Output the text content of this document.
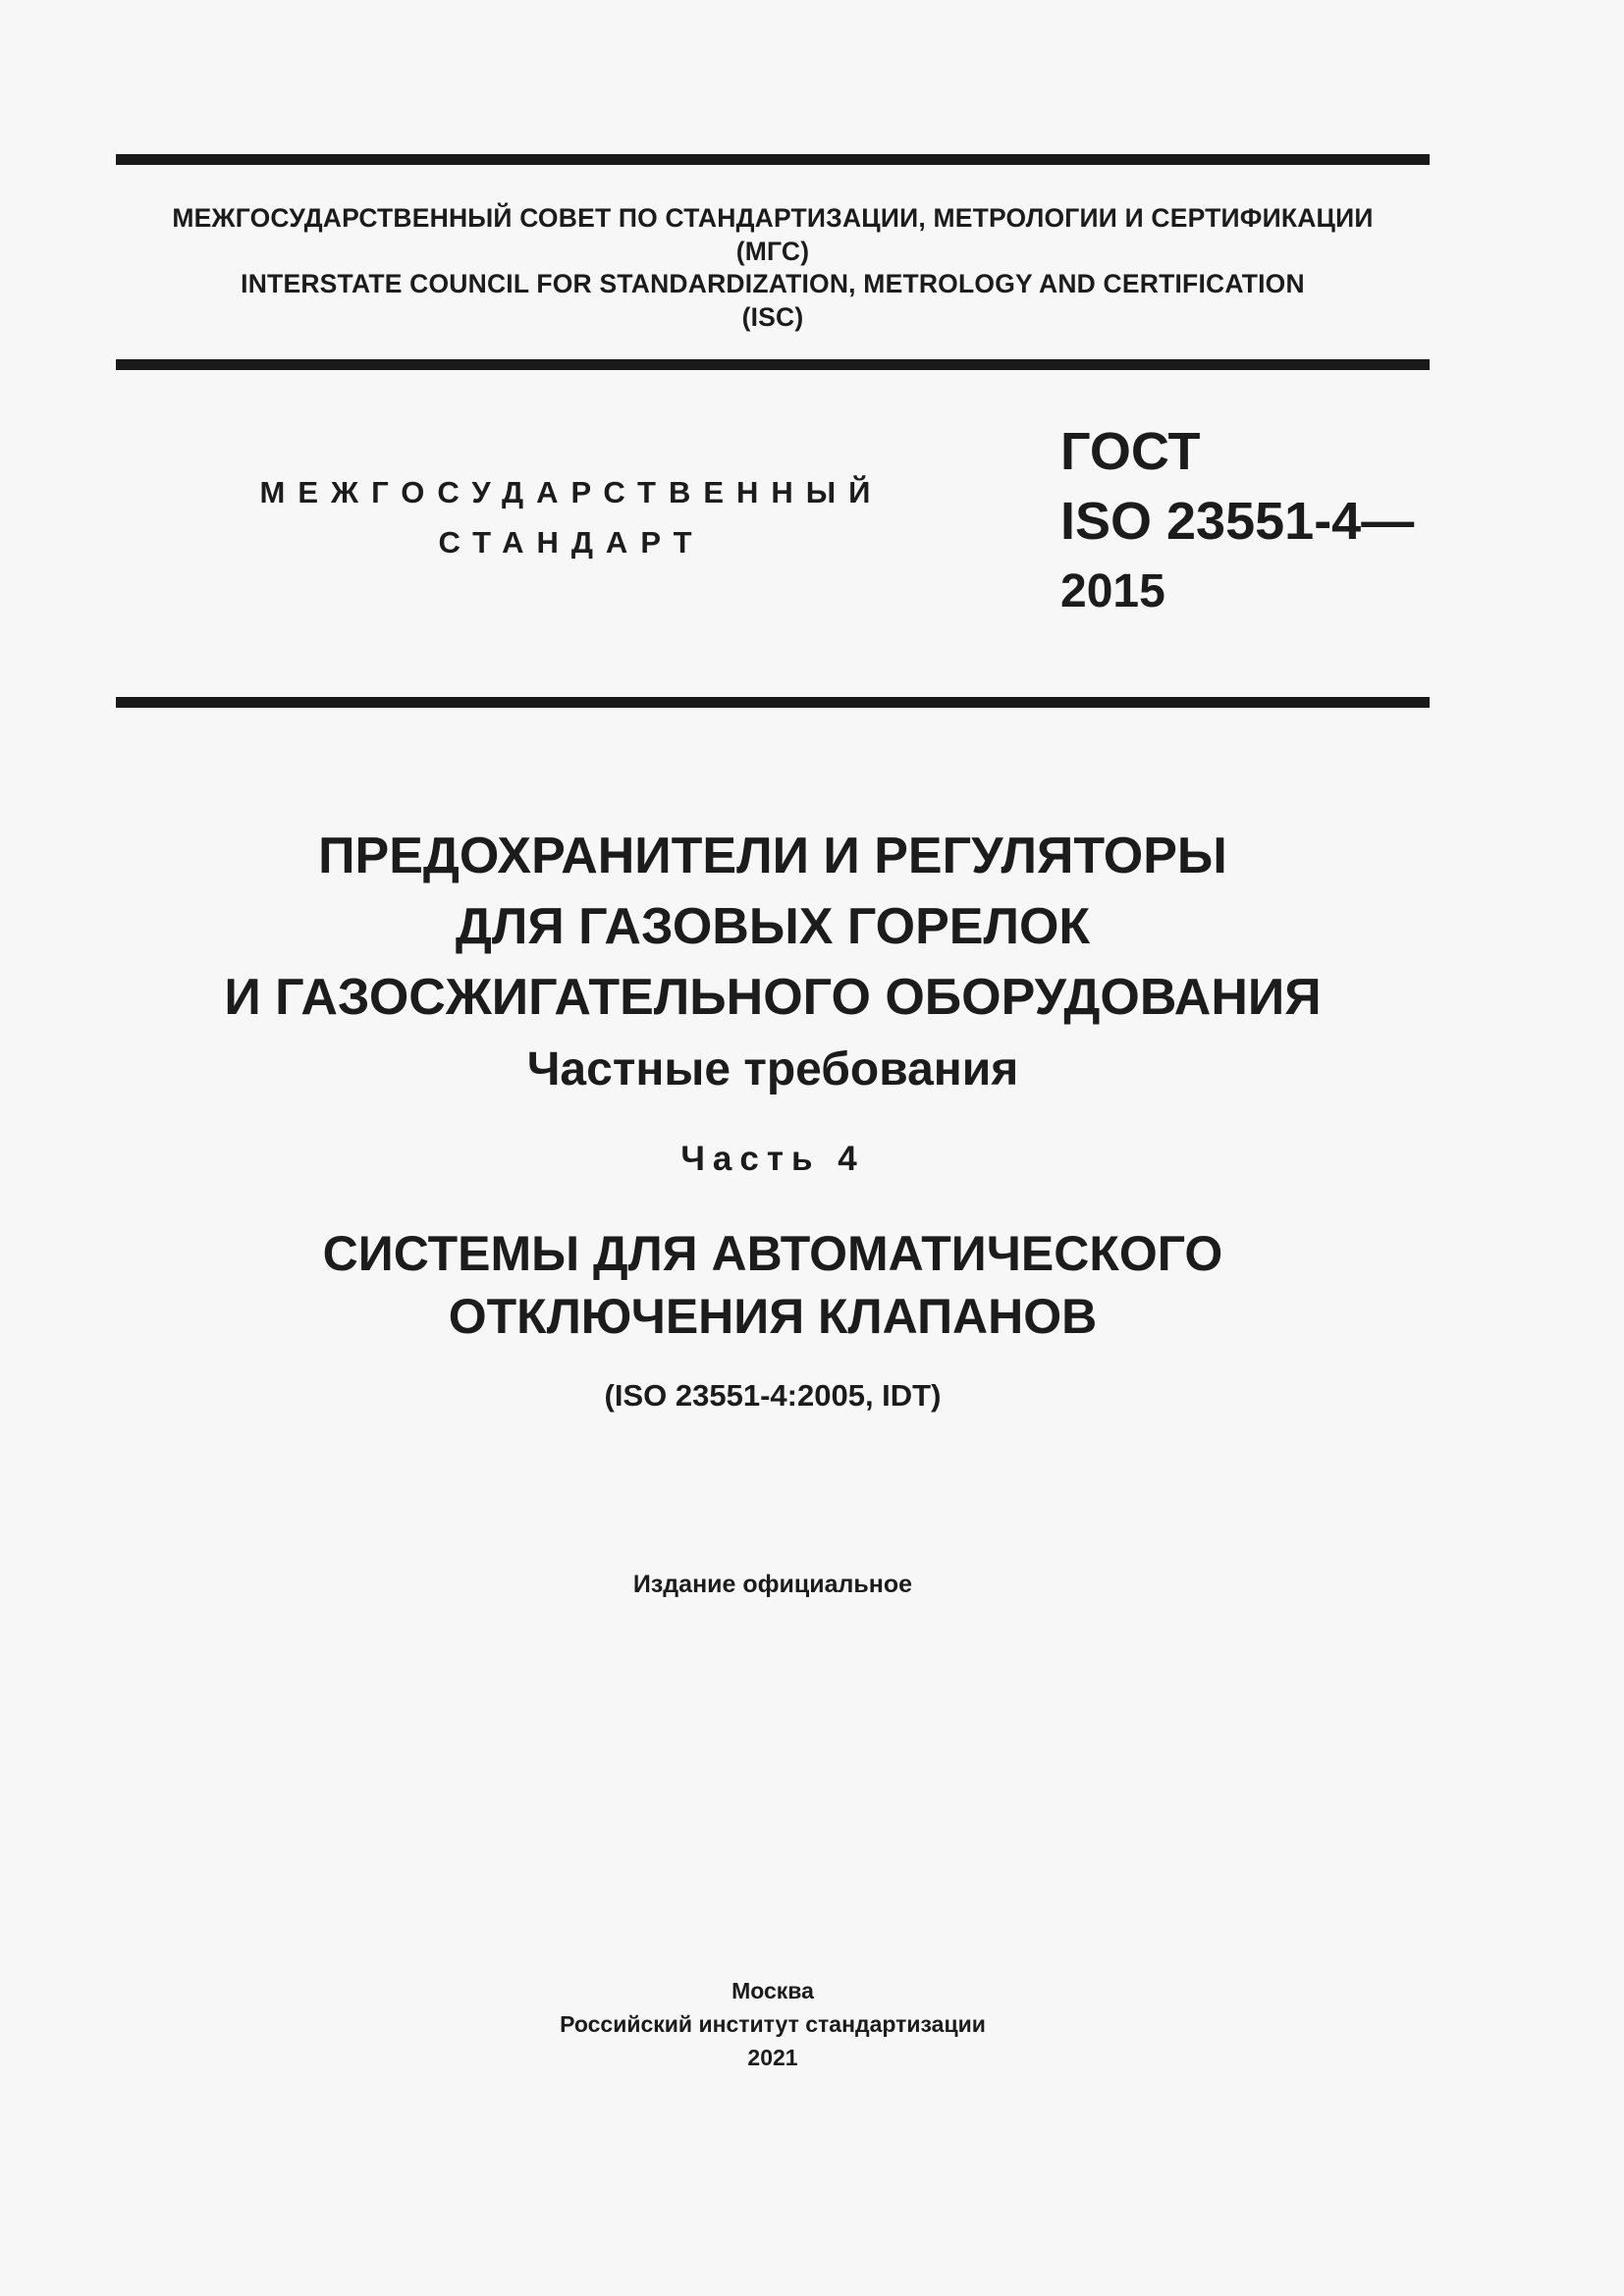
МЕЖГОСУДАРСТВЕННЫЙ СОВЕТ ПО СТАНДАРТИЗАЦИИ, МЕТРОЛОГИИ И СЕРТИФИКАЦИИ
(МГС)
INTERSTATE COUNCIL FOR STANDARDIZATION, METROLOGY AND CERTIFICATION
(ISC)
МЕЖГОСУДАРСТВЕННЫЙ
СТАНДАРТ
ГОСТ
ISO 23551-4—
2015
ПРЕДОХРАНИТЕЛИ И РЕГУЛЯТОРЫ
ДЛЯ ГАЗОВЫХ ГОРЕЛОК
И ГАЗОСЖИГАТЕЛЬНОГО ОБОРУДОВАНИЯ
Частные требования
Часть 4
СИСТЕМЫ ДЛЯ АВТОМАТИЧЕСКОГО
ОТКЛЮЧЕНИЯ КЛАПАНОВ
(ISO 23551-4:2005, IDT)
Издание официальное
Москва
Российский институт стандартизации
2021
